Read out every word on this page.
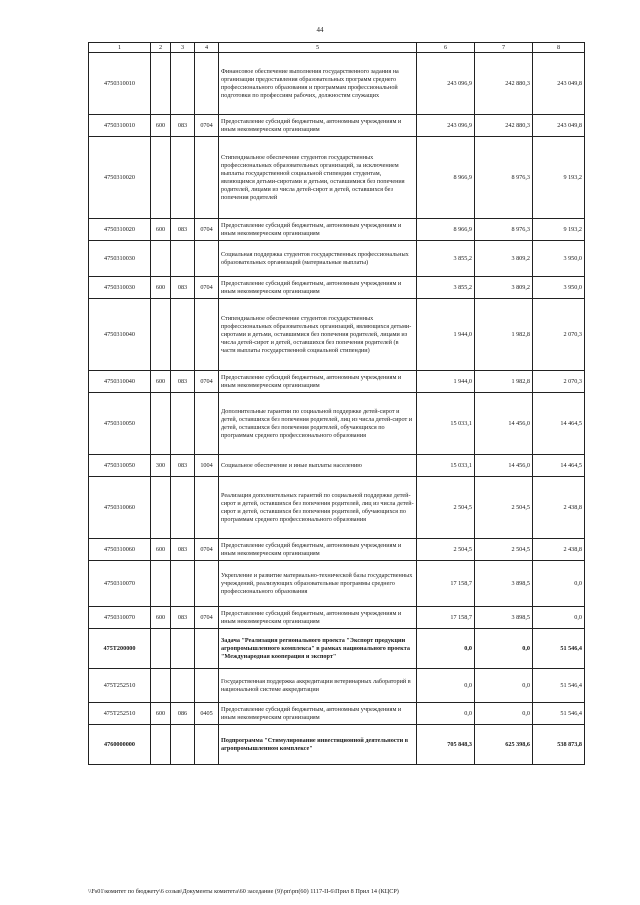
44
1	2	3	4	5	6	7	8
4750310010				Финансовое обеспечение выполнения государственного задания на организации предоставления образовательных программ среднего профессионального образования и программам профессиональной подготовки по профессиям рабочих, должностям служащих	243 096,9	242 880,3	243 049,8
4750310010	600	083	0704	Предоставление субсидий бюджетным, автономным учреждениям и иным некоммерческим организациям	243 096,9	242 880,3	243 049,8
4750310020				Стипендиальное обеспечение студентов государственных профессиональных образовательных организаций, за исключением выплаты государственной социальной стипендии студентам, являющимся детьми-сиротами и детьми, оставшимися без попечения родителей, лицами из числа детей-сирот и детей, оставшихся без попечения родителей	8 966,9	8 976,3	9 193,2
4750310020	600	083	0704	Предоставление субсидий бюджетным, автономным учреждениям и иным некоммерческим организациям	8 966,9	8 976,3	9 193,2
4750310030				Социальная поддержка студентов государственных профессиональных образовательных организаций (материальные выплаты)	3 855,2	3 809,2	3 950,0
4750310030	600	083	0704	Предоставление субсидий бюджетным, автономным учреждениям и иным некоммерческим организациям	3 855,2	3 809,2	3 950,0
4750310040				Стипендиальное обеспечение студентов государственных профессиональных образовательных организаций, являющихся детьми-сиротами и детьми, оставшимися без попечения родителей, лицами из числа детей-сирот и детей, оставшихся без попечения родителей (в части выплаты государственной социальной стипендии)	1 944,0	1 982,8	2 070,3
4750310040	600	083	0704	Предоставление субсидий бюджетным, автономным учреждениям и иным некоммерческим организациям	1 944,0	1 982,8	2 070,3
4750310050				Дополнительные гарантии по социальной поддержке детей-сирот и детей, оставшихся без попечения родителей, лиц из числа детей-сирот и детей, оставшихся без попечения родителей, обучающихся по программам среднего профессионального образования	15 033,1	14 456,0	14 464,5
4750310050	300	083	1004	Социальное обеспечение и иные выплаты населению	15 033,1	14 456,0	14 464,5
4750310060				Реализация дополнительных гарантий по социальной поддержке детей-сирот и детей, оставшихся без попечения родителей, лиц из числа детей-сирот и детей, оставшихся без попечения родителей, обучающихся по программам среднего профессионального образования	2 504,5	2 504,5	2 438,8
4750310060	600	083	0704	Предоставление субсидий бюджетным, автономным учреждениям и иным некоммерческим организациям	2 504,5	2 504,5	2 438,8
4750310070				Укрепление и развитие материально-технической базы государственных учреждений, реализующих образовательные программы среднего профессионального образования	17 158,7	3 898,5	0,0
4750310070	600	083	0704	Предоставление субсидий бюджетным, автономным учреждениям и иным некоммерческим организациям	17 158,7	3 898,5	0,0
475Т200000				Задача "Реализация регионального проекта "Экспорт продукции агропромышленного комплекса" в рамках национального проекта "Международная кооперация и экспорт"	0,0	0,0	51 546,4
475Т252510				Государственная поддержка аккредитации ветеринарных лабораторий в национальной системе аккредитации	0,0	0,0	51 546,4
475Т252510	600	086	0405	Предоставление субсидий бюджетным, автономным учреждениям и иным некоммерческим организациям	0,0	0,0	51 546,4
4760000000				Подпрограмма "Стимулирование инвестиционной деятельности в агропромышленном комплексе"	705 848,3	625 398,6	538 873,8
\\Fs01\комитет по бюджету\6 созыв\Документы комитета\60 заседание (9)\рп\рп(60) 1117-II-6\Прил 8 Прил 14 (КЦСР)
